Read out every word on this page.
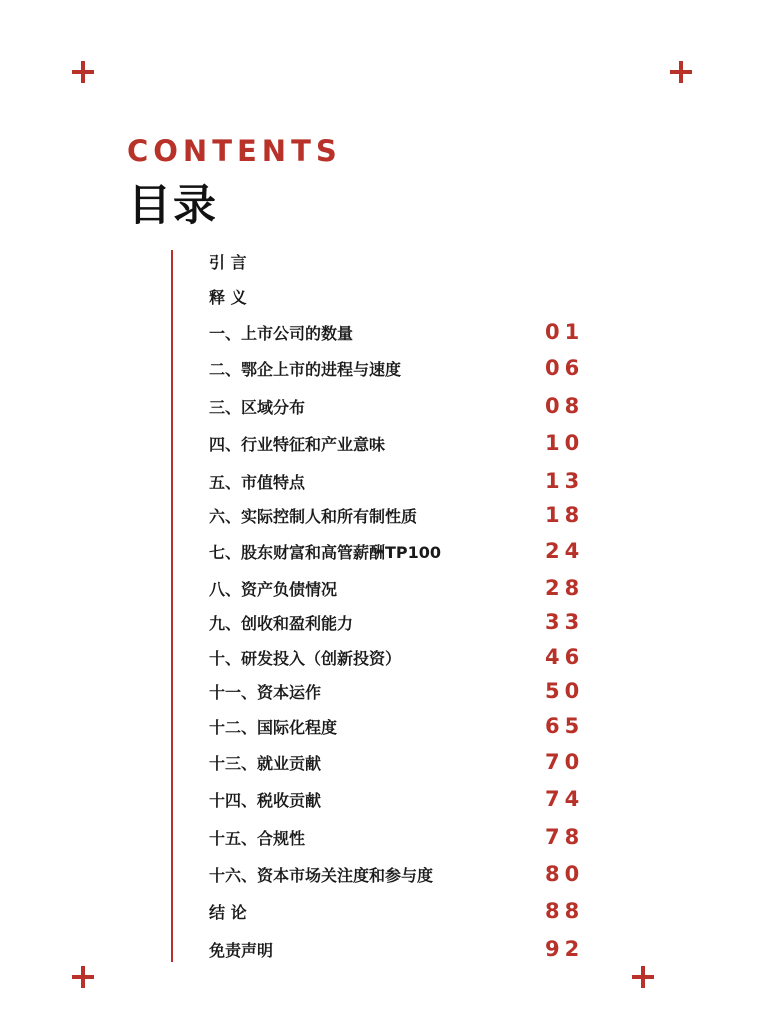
CONTENTS
目录
引 言
释 义
一、上市公司的数量	01
二、鄂企上市的进程与速度	06
三、区域分布	08
四、行业特征和产业意味	10
五、市值特点	13
六、实际控制人和所有制性质	18
七、股东财富和高管薪酬TP100	24
八、资产负债情况	28
九、创收和盈利能力	33
十、研发投入（创新投资）	46
十一、资本运作	50
十二、国际化程度	65
十三、就业贡献	70
十四、税收贡献	74
十五、合规性	78
十六、资本市场关注度和参与度	80
结 论	88
免责声明	92
